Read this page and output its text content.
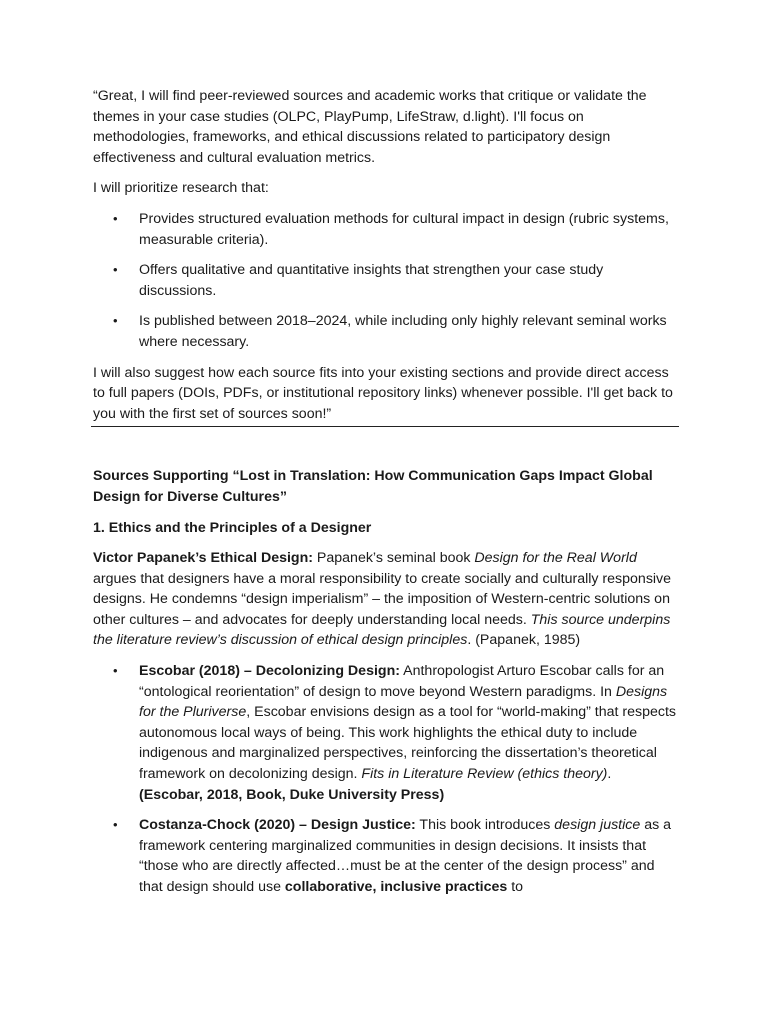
“Great, I will find peer-reviewed sources and academic works that critique or validate the themes in your case studies (OLPC, PlayPump, LifeStraw, d.light). I'll focus on methodologies, frameworks, and ethical discussions related to participatory design effectiveness and cultural evaluation metrics.

I will prioritize research that:

• Provides structured evaluation methods for cultural impact in design (rubric systems, measurable criteria).
• Offers qualitative and quantitative insights that strengthen your case study discussions.
• Is published between 2018–2024, while including only highly relevant seminal works where necessary.

I will also suggest how each source fits into your existing sections and provide direct access to full papers (DOIs, PDFs, or institutional repository links) whenever possible. I'll get back to you with the first set of sources soon!”

Sources Supporting “Lost in Translation: How Communication Gaps Impact Global Design for Diverse Cultures”

1. Ethics and the Principles of a Designer

Victor Papanek’s Ethical Design: Papanek’s seminal book Design for the Real World argues that designers have a moral responsibility to create socially and culturally responsive designs. He condemns “design imperialism” – the imposition of Western-centric solutions on other cultures – and advocates for deeply understanding local needs. This source underpins the literature review’s discussion of ethical design principles. (Papanek, 1985)

• Escobar (2018) – Decolonizing Design: Anthropologist Arturo Escobar calls for an “ontological reorientation” of design to move beyond Western paradigms. In Designs for the Pluriverse, Escobar envisions design as a tool for “world-making” that respects autonomous local ways of being. This work highlights the ethical duty to include indigenous and marginalized perspectives, reinforcing the dissertation’s theoretical framework on decolonizing design. Fits in Literature Review (ethics theory). (Escobar, 2018, Book, Duke University Press)
• Costanza-Chock (2020) – Design Justice: This book introduces design justice as a framework centering marginalized communities in design decisions. It insists that “those who are directly affected…must be at the center of the design process” and that design should use collaborative, inclusive practices to
